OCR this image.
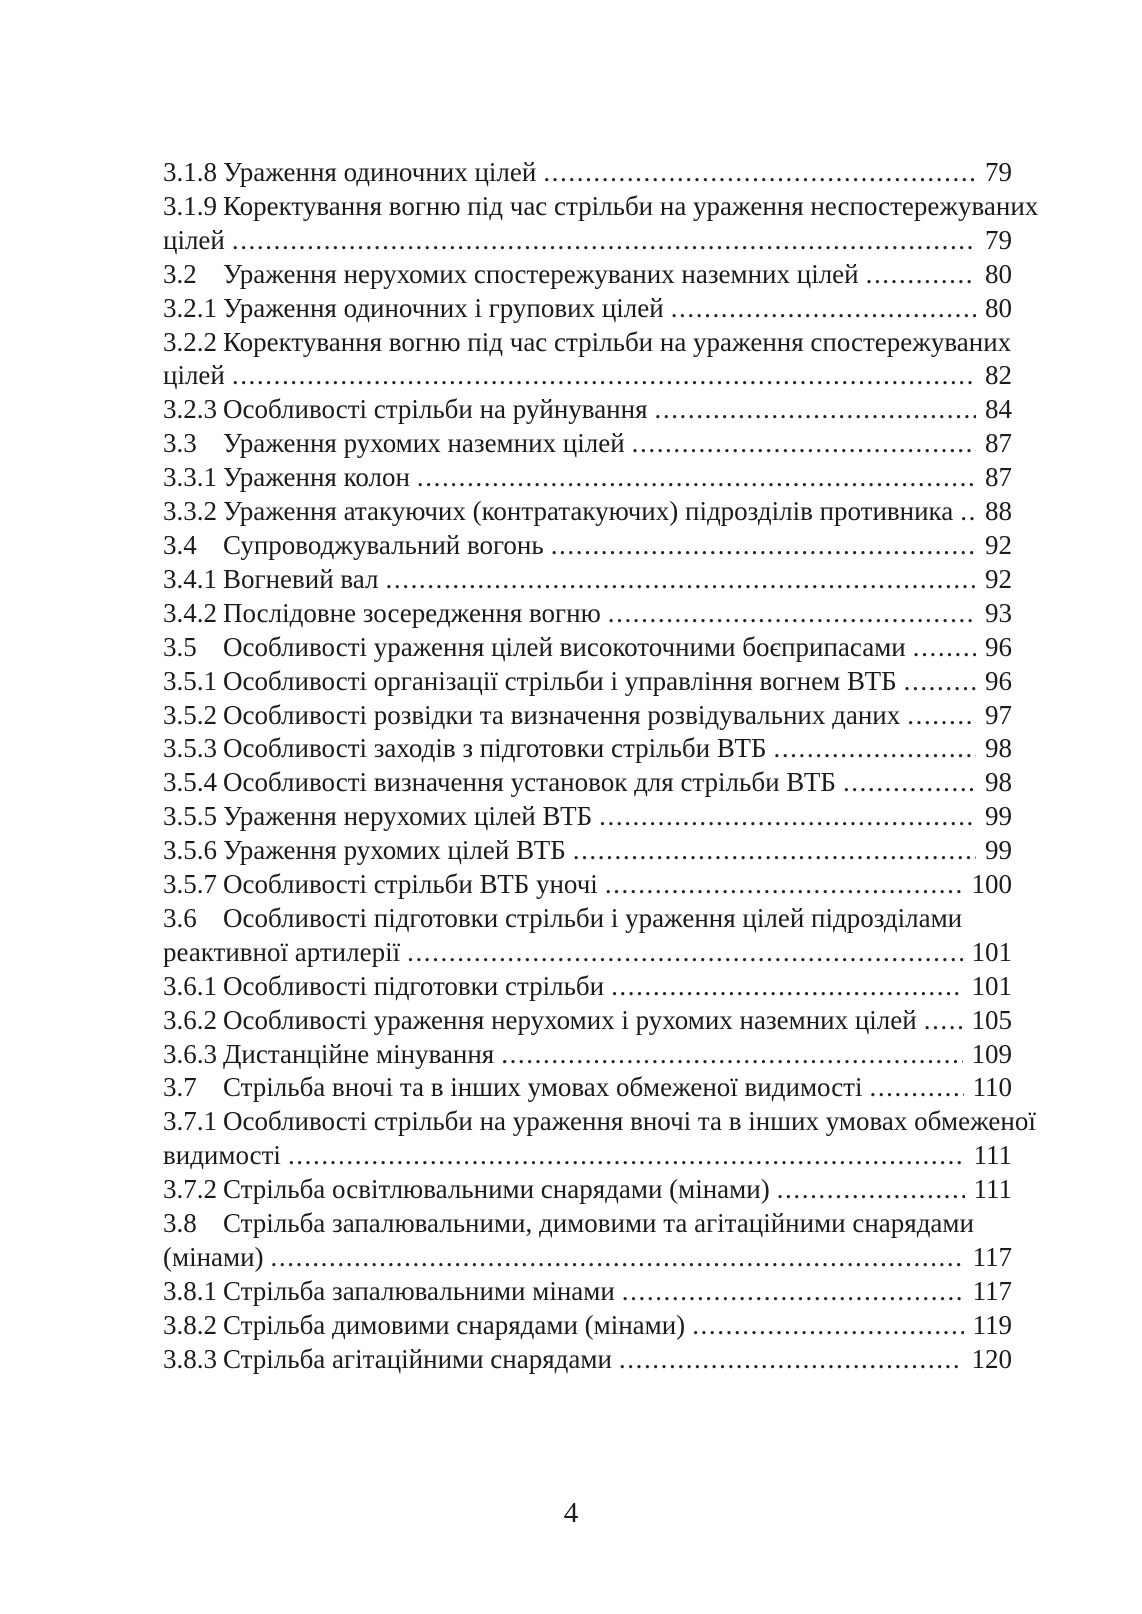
3.1.8 Ураження одиночних цілей .....	79
3.1.9 Коректування вогню під час стрільби на ураження неспостережуваних
цілей .....	79
3.2 Ураження нерухомих спостережуваних наземних цілей .....	80
3.2.1 Ураження одиночних і групових цілей .....	80
3.2.2 Коректування вогню під час стрільби на ураження спостережуваних
цілей .....	82
3.2.3 Особливості стрільби на руйнування .....	84
3.3 Ураження рухомих наземних цілей .....	87
3.3.1 Ураження колон .....	87
3.3.2 Ураження атакуючих (контратакуючих) підрозділів противника .....	88
3.4 Супроводжувальний вогонь .....	92
3.4.1 Вогневий вал .....	92
3.4.2 Послідовне зосередження вогню .....	93
3.5 Особливості ураження цілей високоточними боєприпасами .....	96
3.5.1 Особливості організації стрільби і управління вогнем ВТБ .....	96
3.5.2 Особливості розвідки та визначення розвідувальних даних .....	97
3.5.3 Особливості заходів з підготовки стрільби ВТБ .....	98
3.5.4 Особливості визначення установок для стрільби ВТБ .....	98
3.5.5 Ураження нерухомих цілей ВТБ .....	99
3.5.6 Ураження рухомих цілей ВТБ .....	99
3.5.7 Особливості стрільби ВТБ уночі .....	100
3.6 Особливості підготовки стрільби і ураження цілей підрозділами
реактивної артилерії .....	101
3.6.1 Особливості підготовки стрільби .....	101
3.6.2 Особливості ураження нерухомих і рухомих наземних цілей .....	105
3.6.3 Дистанційне мінування .....	109
3.7 Стрільба вночі та в інших умовах обмеженої видимості .....	110
3.7.1 Особливості стрільби на ураження вночі та в інших умовах обмеженої
видимості .....	111
3.7.2 Стрільба освітлювальними снарядами (мінами) .....	111
3.8 Стрільба запалювальними, димовими та агітаційними снарядами
(мінами) .....	117
3.8.1 Стрільба запалювальними мінами .....	117
3.8.2 Стрільба димовими снарядами (мінами) .....	119
3.8.3 Стрільба агітаційними снарядами .....	120
4
